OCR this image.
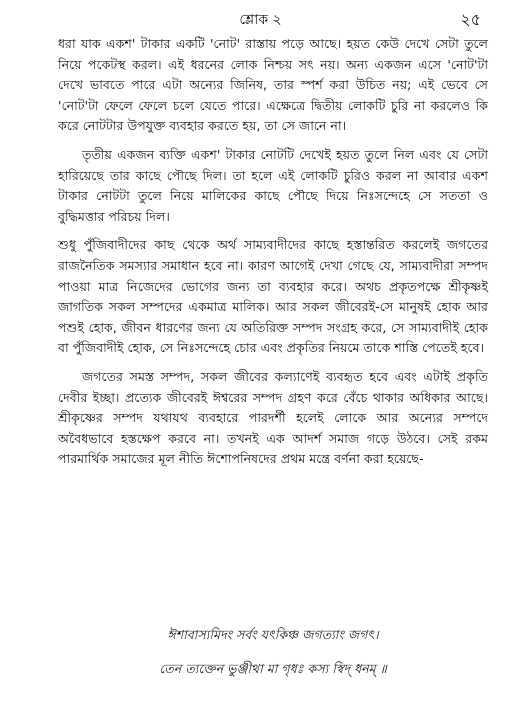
শ্লোক ২	২৫

ধরা যাক একশ' টাকার একটি 'নোট' রাস্তায় পড়ে আছে। হয়ত কেউ দেখে সেটা তুলে নিয়ে পকেটস্থ করল। এই ধরনের লোক নিশ্চয় সৎ নয়। অন্য একজন এসে 'নোট'টা দেখে ভাবতে পারে এটা অন্যের জিনিষ, তার স্পর্শ করা উচিত নয়; এই ভেবে সে 'নোট'টা ফেলে ফেলে চলে যেতে পারে। এক্ষেত্রে দ্বিতীয় লোকটি চুরি না করলেও কি করে নোটটার উপযুক্ত ব্যবহার করতে হয়, তা সে জানে না।

তৃতীয় একজন ব্যক্তি একশ' টাকার নোটটি দেখেই হয়ত তুলে নিল এবং যে সেটা হারিয়েছে তার কাছে পৌছে দিল। তা হলে এই লোকটি চুরিও করল না আবার একশ টাকার নোটটা তুলে নিয়ে মালিকের কাছে পৌছে দিয়ে নিঃসন্দেহে সে সততা ও বুদ্ধিমত্তার পরিচয় দিল।

শুধু পুঁজিবাদীদের কাছ থেকে অর্থ সাম্যবাদীদের কাছে হস্তান্তরিত করলেই জগতের রাজনৈতিক সমস্যার সমাধান হবে না। কারণ আগেই দেখা গেছে যে, সাম্যবাদীরা সম্পদ পাওয়া মাত্র নিজেদের ভোগের জন্য তা ব্যবহার করে। অথচ প্রকৃতপক্ষে শ্রীকৃষ্ণই জাগতিক সকল সম্পদের একমাত্র মালিক। আর সকল জীবেরই-সে মানুষই হোক আর পশুই হোক, জীবন ধারণের জন্য যে অতিরিক্ত সম্পদ সংগ্রহ করে, সে সাম্যবাদীই হোক বা পুঁজিবাদীই হোক, সে নিঃসন্দেহে চোর এবং প্রকৃতির নিয়মে তাকে শাস্তি পেতেই হবে।

জগতের সমস্ত সম্পদ, সকল জীবের কল্যাণেই ব্যবহৃত হবে এবং এটাই প্রকৃতি দেবীর ইচ্ছা। প্রত্যেক জীবেরই ঈশ্বরের সম্পদ গ্রহণ করে বেঁচে থাকার অধিকার আছে। শ্রীকৃষ্ণের সম্পদ যথাযথ ব্যবহারে পারদর্শী হলেই লোকে আর অন্যের সম্পদে অবৈধভাবে হস্তক্ষেপ করবে না। তখনই এক আদর্শ সমাজ গড়ে উঠবে। সেই রকম পারমার্থিক সমাজের মূল নীতি ঈশোপনিষদের প্রথম মন্ত্রে বর্ণনা করা হয়েছে-

ঈশাবাস্যমিদং সর্বং যৎকিঞ্চ জগত্যাং জগৎ।
তেন ত্যক্তেন ভুঞ্জীথা মা গৃধঃ কস্য স্বিদ্ ধনম্ ॥
